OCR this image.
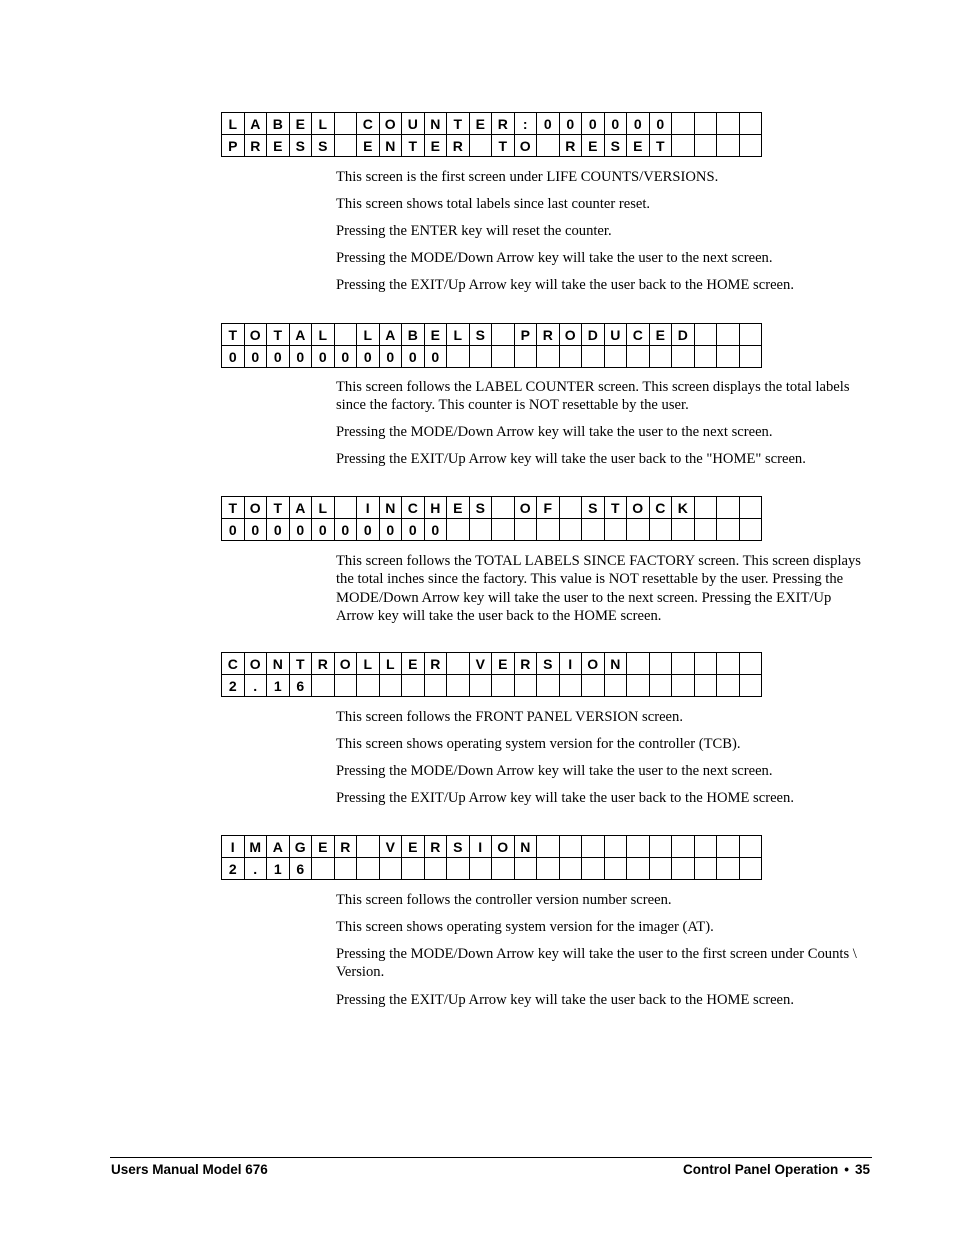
L	A	B	E	L		C	O	U	N	T	E	R	:	0	0	0	0	0	0				
P	R	E	S	S		E	N	T	E	R		T	O		R	E	S	E	T				

This screen is the first screen under LIFE COUNTS/VERSIONS.

This screen shows total labels since last counter reset.

Pressing the ENTER key will reset the counter.

Pressing the MODE/Down Arrow key will take the user to the next screen.

Pressing the EXIT/Up Arrow key will take the user back to the HOME screen.

T	O	T	A	L		L	A	B	E	L	S		P	R	O	D	U	C	E	D			
0	0	0	0	0	0	0	0	0	0														

This screen follows the LABEL COUNTER screen. This screen displays the total labels since the factory. This counter is NOT resettable by the user.

Pressing the MODE/Down Arrow key will take the user to the next screen.

Pressing the EXIT/Up Arrow key will take the user back to the "HOME" screen.

T	O	T	A	L		I	N	C	H	E	S		O	F		S	T	O	C	K			
0	0	0	0	0	0	0	0	0	0														

This screen follows the TOTAL LABELS SINCE FACTORY screen. This screen displays the total inches since the factory. This value is NOT resettable by the user. Pressing the MODE/Down Arrow key will take the user to the next screen. Pressing the EXIT/Up Arrow key will take the user back to the HOME screen.

C	O	N	T	R	O	L	L	E	R		V	E	R	S	I	O	N						
2	.	1	6																				

This screen follows the FRONT PANEL VERSION screen.

This screen shows operating system version for the controller (TCB).

Pressing the MODE/Down Arrow key will take the user to the next screen.

Pressing the EXIT/Up Arrow key will take the user back to the HOME screen.

I	M	A	G	E	R		V	E	R	S	I	O	N										
2	.	1	6																				

This screen follows the controller version number screen.

This screen shows operating system version for the imager (AT).

Pressing the MODE/Down Arrow key will take the user to the first screen under Counts \ Version.

Pressing the EXIT/Up Arrow key will take the user back to the HOME screen.

Users Manual Model 676	Control Panel Operation • 35
